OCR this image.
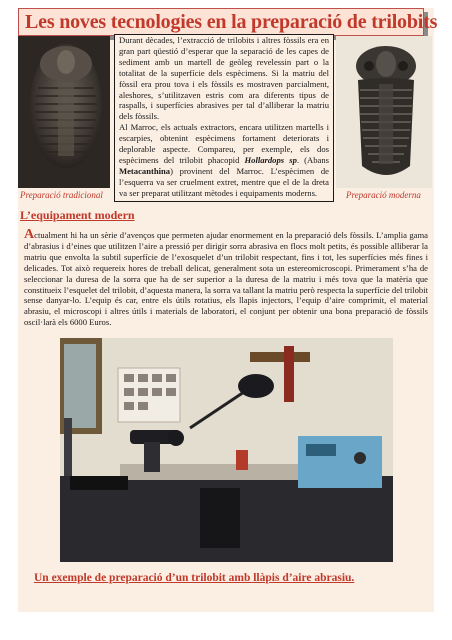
Les noves tecnologies en la preparació de trilobits
Preparació tradicional	Preparació moderna

Durant dècades, l’extracció de trilobits i altres fòssils era en gran part qüestió d’esperar que la separació de les capes de sediment amb un martell de geòleg revelessin part o la totalitat de la superfície dels espècimens. Si la matriu del fòssil era prou tova i els fòssils es mostraven parcialment, aleshores, s’utilitzaven estris com ara diferents tipus de raspalls, i superfícies abrasives per tal d’alliberar la matriu dels fòssils.

Al Marroc, els actuals extractors, encara utilitzen martells i escarpies, obtenint espècimens fortament deteriorats i deplorable aspecte. Compareu, per exemple, els dos espècimens del trilobit phacopid Hollardops sp. (Abans Metacanthina) provinent del Marroc. L’espècimen de l’esquerra va ser cruelment extret, mentre que el de la dreta va ser preparat utilitzant mètodes i equipaments moderns.

L’equipament modern

Actualment hi ha un sèrie d’avenços que permeten ajudar enormement en la preparació dels fòssils. L’amplia gama d’abrasius i d’eines que utilitzen l’aire a pressió per dirigir sorra abrasiva en flocs molt petits, és possible alliberar la matriu que envolta la subtil superfície de l’exosquelet d’un trilobit respectant, fins i tot, les superfícies més fines i delicades. Tot això requereix hores de treball delicat, generalment sota un estereomicroscopi. Primerament s’ha de seleccionar la duresa de la sorra que ha de ser superior a la duresa de la matriu i més tova que la matèria que constitueix l’esquelet del trilobit, d’aquesta manera, la sorra va tallant la matriu però respecta la superfície del trilobit sense danyar-lo. L’equip és car, entre els útils rotatius, els llapis injectors, l’equip d’aire comprimit, el material abrasiu, el microscopi i altres útils i materials de laboratori, el conjunt per obtenir una bona preparació de fòssils oscil·larà els 6000 Euros.

Un exemple de preparació d’un trilobit amb llàpis d’aire abrasiu.
